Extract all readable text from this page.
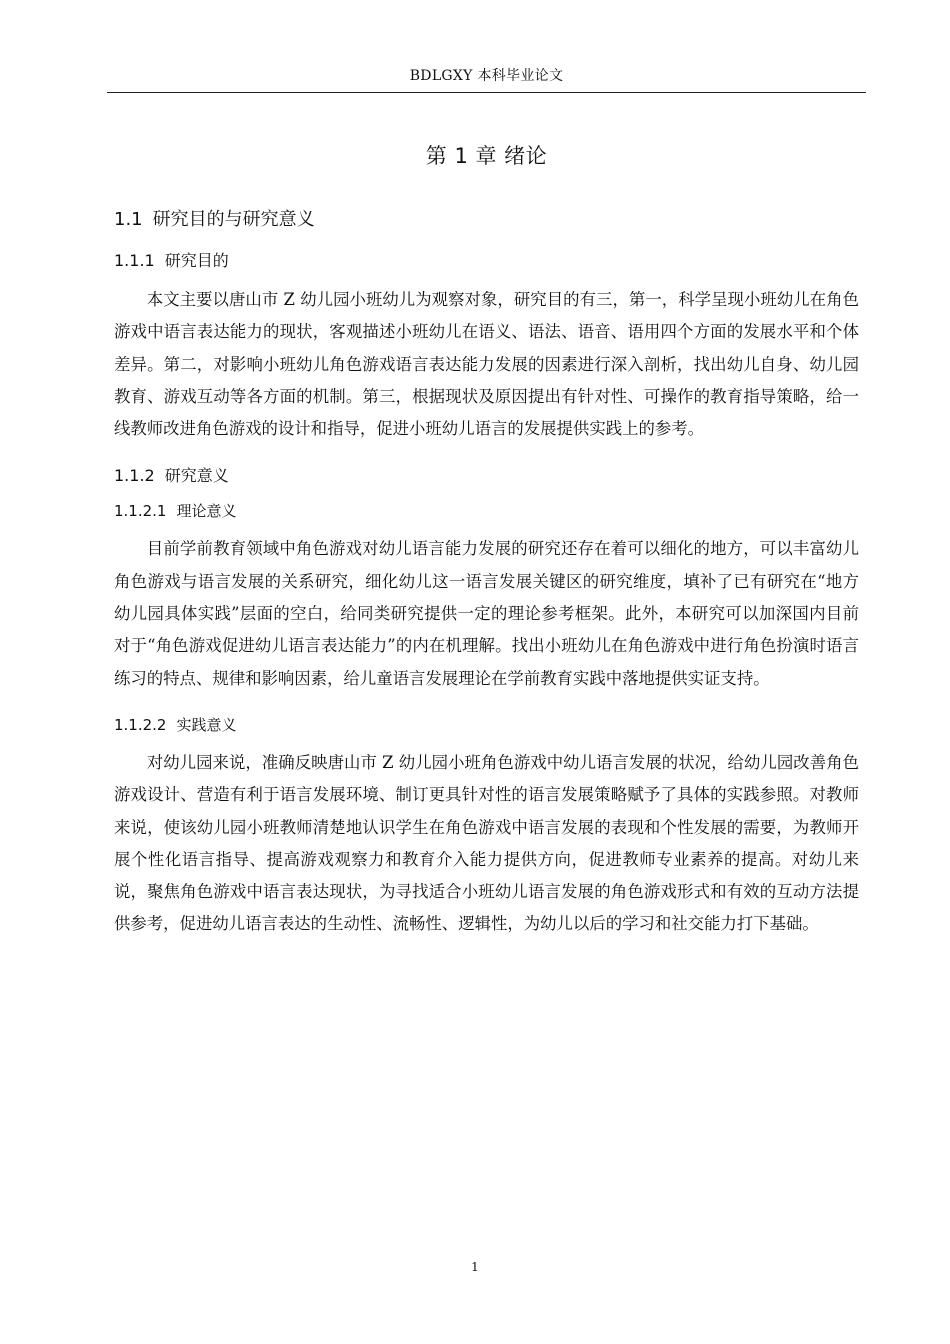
BDLGXY 本科毕业论文
第 1 章 绪论
1.1 研究目的与研究意义
1.1.1 研究目的

本文主要以唐山市 Z 幼儿园小班幼儿为观察对象，研究目的有三，第一，科学呈现小班幼儿在角色游戏中语言表达能力的现状，客观描述小班幼儿在语义、语法、语音、语用四个方面的发展水平和个体差异。第二，对影响小班幼儿角色游戏语言表达能力发展的因素进行深入剖析，找出幼儿自身、幼儿园教育、游戏互动等各方面的机制。第三，根据现状及原因提出有针对性、可操作的教育指导策略，给一线教师改进角色游戏的设计和指导，促进小班幼儿语言的发展提供实践上的参考。

1.1.2 研究意义
1.1.2.1 理论意义

目前学前教育领域中角色游戏对幼儿语言能力发展的研究还存在着可以细化的地方，可以丰富幼儿角色游戏与语言发展的关系研究，细化幼儿这一语言发展关键区的研究维度，填补了已有研究在“地方幼儿园具体实践”层面的空白，给同类研究提供一定的理论参考框架。此外，本研究可以加深国内目前对于“角色游戏促进幼儿语言表达能力”的内在机理解。找出小班幼儿在角色游戏中进行角色扮演时语言练习的特点、规律和影响因素，给儿童语言发展理论在学前教育实践中落地提供实证支持。

1.1.2.2 实践意义

对幼儿园来说，准确反映唐山市 Z 幼儿园小班角色游戏中幼儿语言发展的状况，给幼儿园改善角色游戏设计、营造有利于语言发展环境、制订更具针对性的语言发展策略赋予了具体的实践参照。对教师来说，使该幼儿园小班教师清楚地认识学生在角色游戏中语言发展的表现和个性发展的需要，为教师开展个性化语言指导、提高游戏观察力和教育介入能力提供方向，促进教师专业素养的提高。对幼儿来说，聚焦角色游戏中语言表达现状，为寻找适合小班幼儿语言发展的角色游戏形式和有效的互动方法提供参考，促进幼儿语言表达的生动性、流畅性、逻辑性，为幼儿以后的学习和社交能力打下基础。

1
